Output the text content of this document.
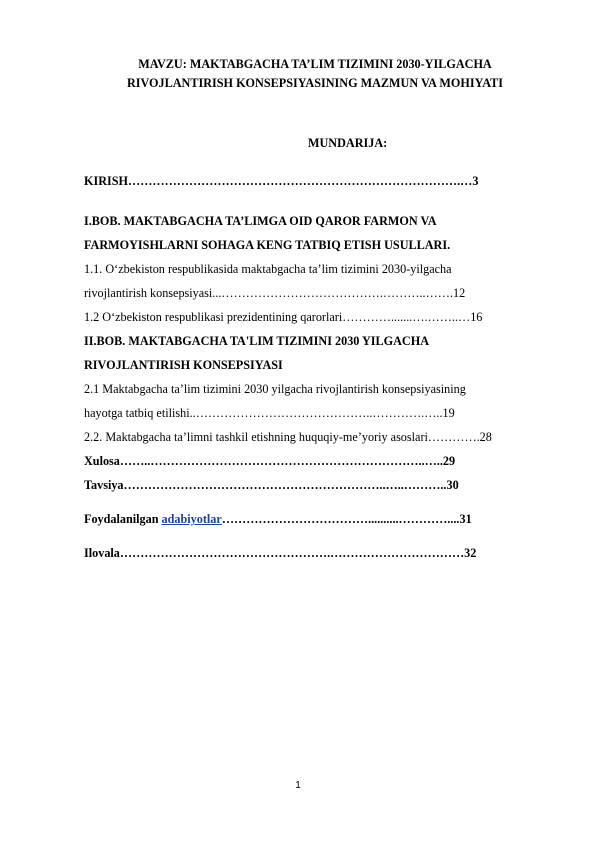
MAVZU: MAKTABGACHA TA’LIM TIZIMINI 2030-YILGACHA
RIVOJLANTIRISH KONSEPSIYASINING MAZMUN VA MOHIYATI
MUNDARIJA:
KIRISH……………………………………………………………………….…3
I.BOB. MAKTABGACHA TA’LIMGA OID QAROR FARMON VA
FARMOYISHLARNI SOHAGA KENG TATBIQ ETISH USULLARI.
1.1. O‘zbekiston respublikasida maktabgacha ta’lim tizimini 2030-yilgacha
rivojlantirish konsepsiyasi...………………………………….………..…….12
1.2 O‘zbekiston respublikasi prezidentining qarorlari………….......….……..…16
II.BOB. MAKTABGACHA TA'LIM TIZIMINI 2030 YILGACHA
RIVOJLANTIRISH KONSEPSIYASI
2.1 Maktabgacha ta’lim tizimini 2030 yilgacha rivojlantirish konsepsiyasining
hayotga tatbiq etilishi..……………………………………..………….…..19
2.2. Maktabgacha ta’limni tashkil etishning huquqiy-me’yoriy asoslari………….28
Xulosa……..…………………………………………………………..…..29
Tavsiya………………………………………………………..…..………..30
Foydalanilgan adabiyotlar………………………………..........…………....31
Ilovala…………………………………………….……………………………32
1
